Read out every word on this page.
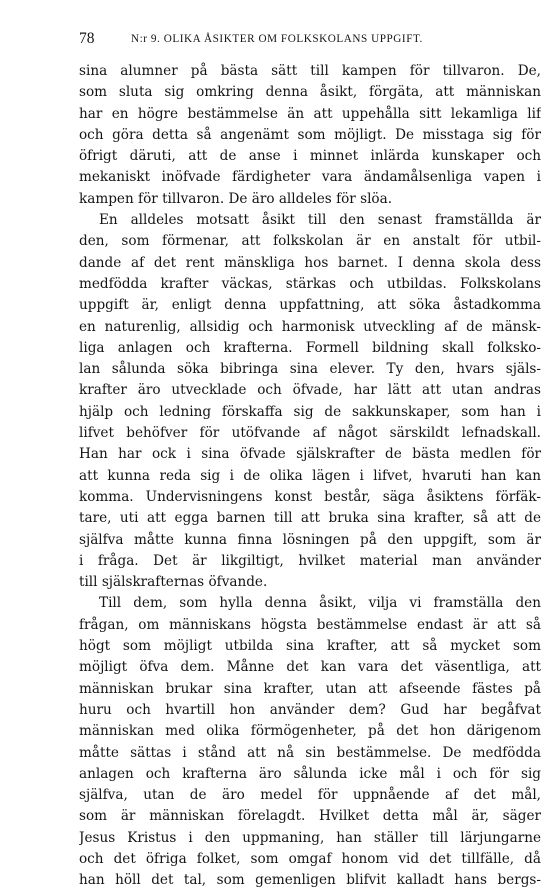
78	N:r 9. OLIKA ÅSIKTER OM FOLKSKOLANS UPPGIFT.
sina alumner på bästa sätt till kampen för tillvaron. De,
som sluta sig omkring denna åsikt, förgäta, att människan
har en högre bestämmelse än att uppehålla sitt lekamliga lif
och göra detta så angenämt som möjligt. De misstaga sig för
öfrigt däruti, att de anse i minnet inlärda kunskaper och
mekaniskt inöfvade färdigheter vara ändamålsenliga vapen i
kampen för tillvaron. De äro alldeles för slöa.
En alldeles motsatt åsikt till den senast framställda är
den, som förmenar, att folkskolan är en anstalt för utbil-
dande af det rent mänskliga hos barnet. I denna skola dess
medfödda krafter väckas, stärkas och utbildas. Folkskolans
uppgift är, enligt denna uppfattning, att söka åstadkomma
en naturenlig, allsidig och harmonisk utveckling af de mänsk-
liga anlagen och krafterna. Formell bildning skall folksko-
lan sålunda söka bibringa sina elever. Ty den, hvars själs-
krafter äro utvecklade och öfvade, har lätt att utan andras
hjälp och ledning förskaffa sig de sakkunskaper, som han i
lifvet behöfver för utöfvande af något särskildt lefnadskall.
Han har ock i sina öfvade själskrafter de bästa medlen för
att kunna reda sig i de olika lägen i lifvet, hvaruti han kan
komma. Undervisningens konst består, säga åsiktens förfäk-
tare, uti att egga barnen till att bruka sina krafter, så att de
själfva måtte kunna finna lösningen på den uppgift, som är
i fråga. Det är likgiltigt, hvilket material man använder
till själskrafternas öfvande.
Till dem, som hylla denna åsikt, vilja vi framställa den
frågan, om människans högsta bestämmelse endast är att så
högt som möjligt utbilda sina krafter, att så mycket som
möjligt öfva dem. Månne det kan vara det väsentliga, att
människan brukar sina krafter, utan att afseende fästes på
huru och hvartill hon använder dem? Gud har begåfvat
människan med olika förmögenheter, på det hon därigenom
måtte sättas i stånd att nå sin bestämmelse. De medfödda
anlagen och krafterna äro sålunda icke mål i och för sig
själfva, utan de äro medel för uppnående af det mål,
som är människan förelagdt. Hvilket detta mål är, säger
Jesus Kristus i den uppmaning, han ställer till lärjungarne
och det öfriga folket, som omgaf honom vid det tillfälle, då
han höll det tal, som gemenligen blifvit kalladt hans bergs-
